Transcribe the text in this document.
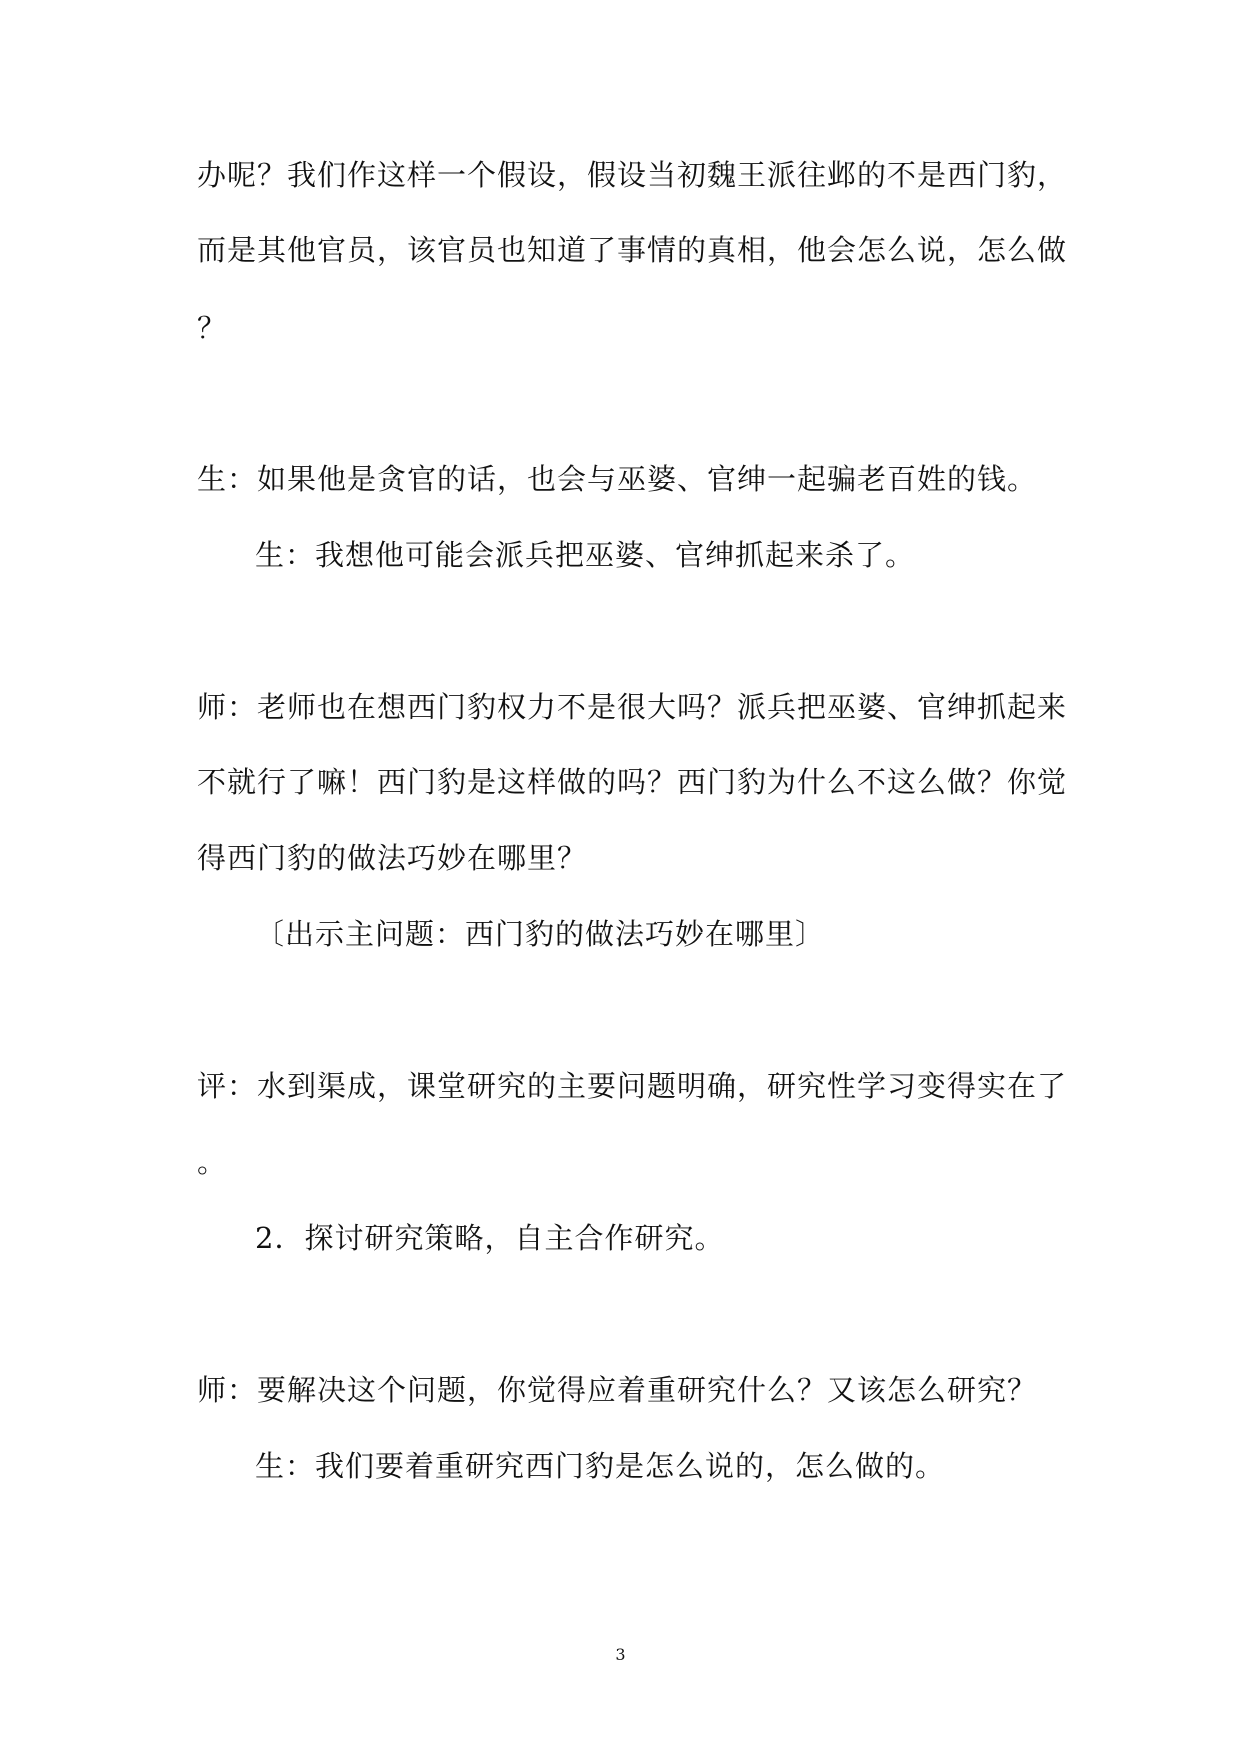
办呢？我们作这样一个假设，假设当初魏王派往邺的不是西门豹，
而是其他官员，该官员也知道了事情的真相，他会怎么说，怎么做
？
生：如果他是贪官的话，也会与巫婆、官绅一起骗老百姓的钱。
生：我想他可能会派兵把巫婆、官绅抓起来杀了。
师：老师也在想西门豹权力不是很大吗？派兵把巫婆、官绅抓起来
不就行了嘛！西门豹是这样做的吗？西门豹为什么不这么做？你觉
得西门豹的做法巧妙在哪里？
〔出示主问题：西门豹的做法巧妙在哪里〕
评：水到渠成，课堂研究的主要问题明确，研究性学习变得实在了
。
2．探讨研究策略，自主合作研究。
师：要解决这个问题，你觉得应着重研究什么？又该怎么研究？
生：我们要着重研究西门豹是怎么说的，怎么做的。
3
